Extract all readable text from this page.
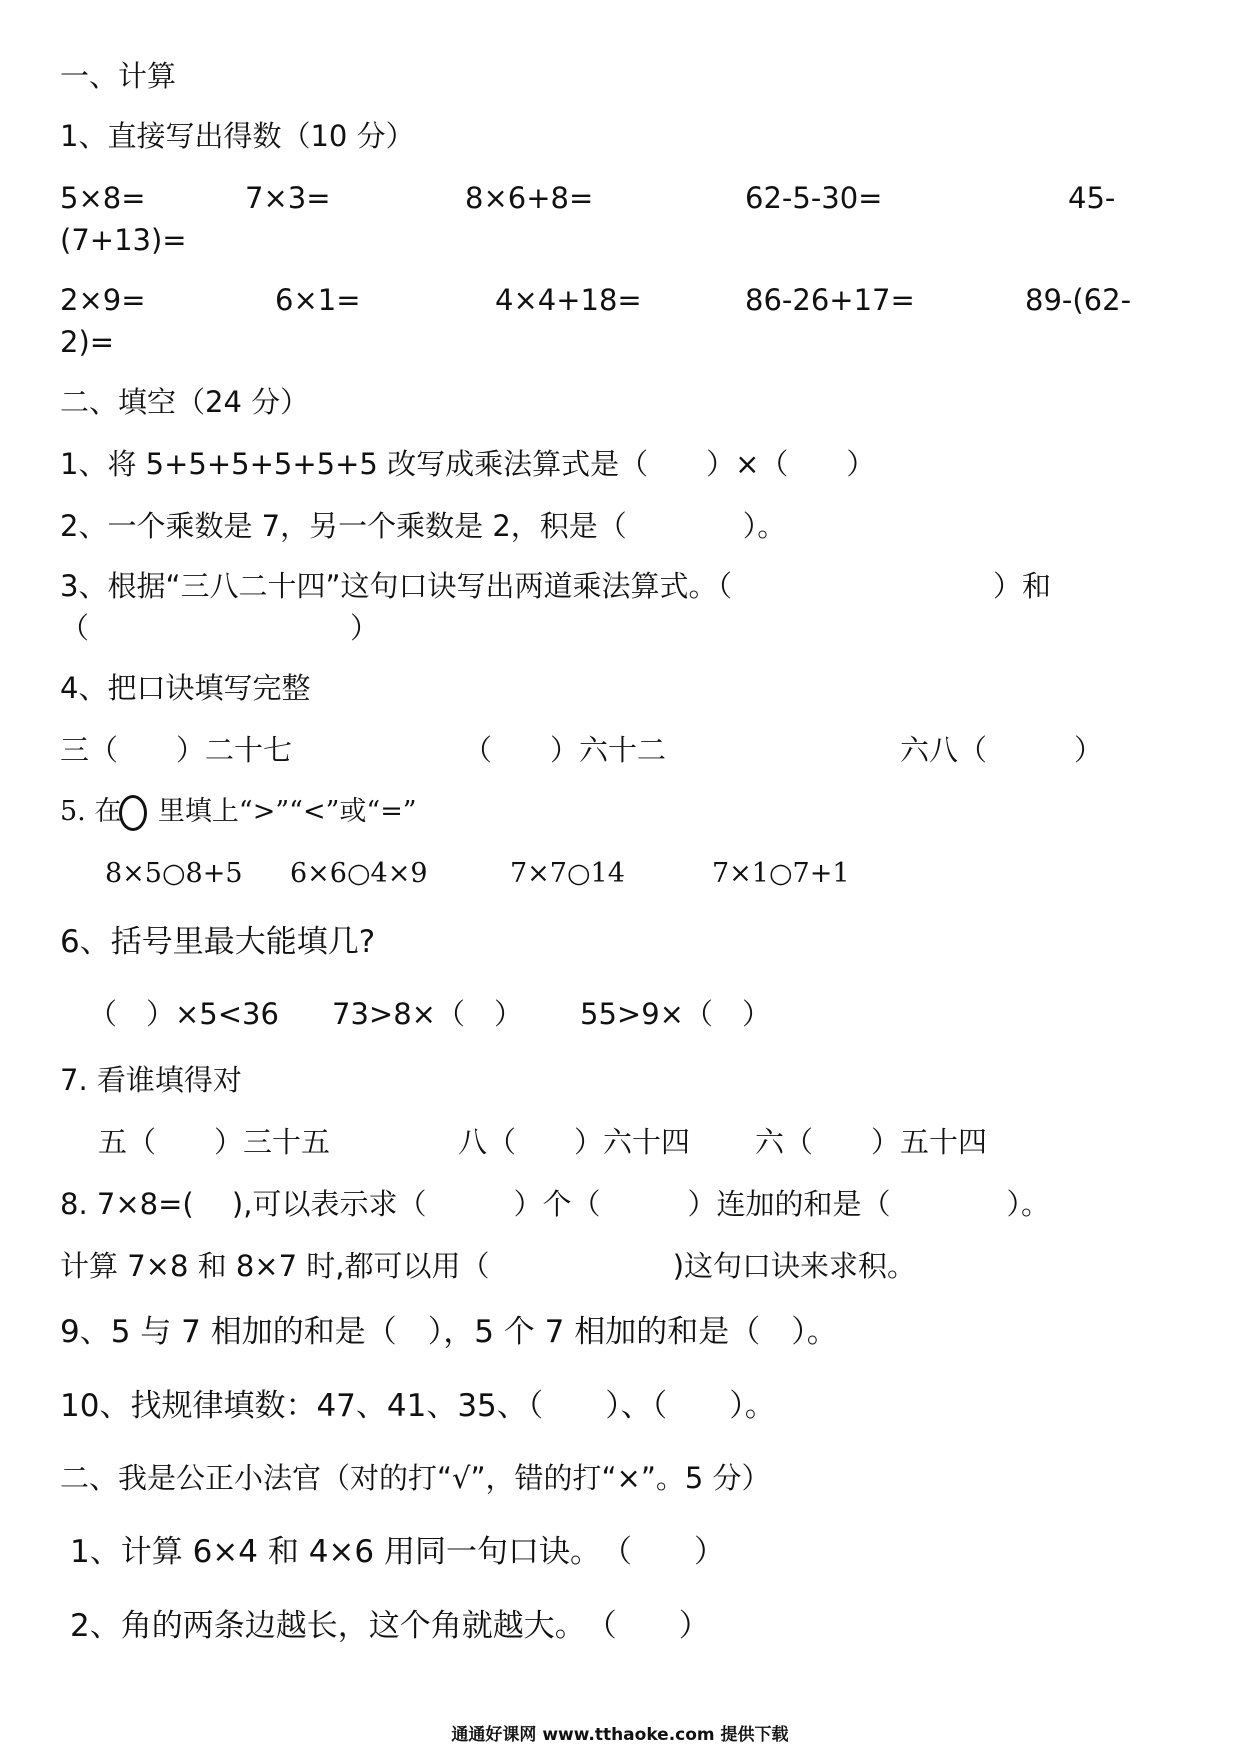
一、计算
1、直接写出得数（10 分）
5×8=	7×3=	8×6+8=	62-5-30=	45-
(7+13)=
2×9=	6×1=	4×4+18=	86-26+17=	89-(62-
2)=
二、填空（24 分）
1、将 5+5+5+5+5+5 改写成乘法算式是（　　）×（　　）
2、一个乘数是 7，另一个乘数是 2，积是（　　　　）。
3、根据“三八二十四”这句口诀写出两道乘法算式。（　　　　　　　　　）和
（　　　　　　　　　）
4、把口诀填写完整
三（　　）二十七	（　　）六十二	六八（　　　）
5. 在 里填上“>”“<”或“=”
8×5○8+5 6×6○4×9	7×7○14	7×1○7+1
6、括号里最大能填几?
（　）×5<36 73>8×（　） 55>9×（　）
7. 看谁填得对
五（　　）三十五	八（　　）六十四 六（　　）五十四
8. 7×8=(　 ),可以表示求（　　　）个（　　　）连加的和是（　　　　）。
计算 7×8 和 8×7 时,都可以用（　　　　　　 )这句口诀来求积。
9、5 与 7 相加的和是（　），5 个 7 相加的和是（　）。
10、找规律填数：47、41、35、（　　）、（　　）。
二、我是公正小法官（对的打“√”，错的打“×”。5 分）
1、计算 6×4 和 4×6 用同一句口诀。　（　　）
2、角的两条边越长，这个角就越大。　（　　）
通通好课网 www.tthaoke.com 提供下载
